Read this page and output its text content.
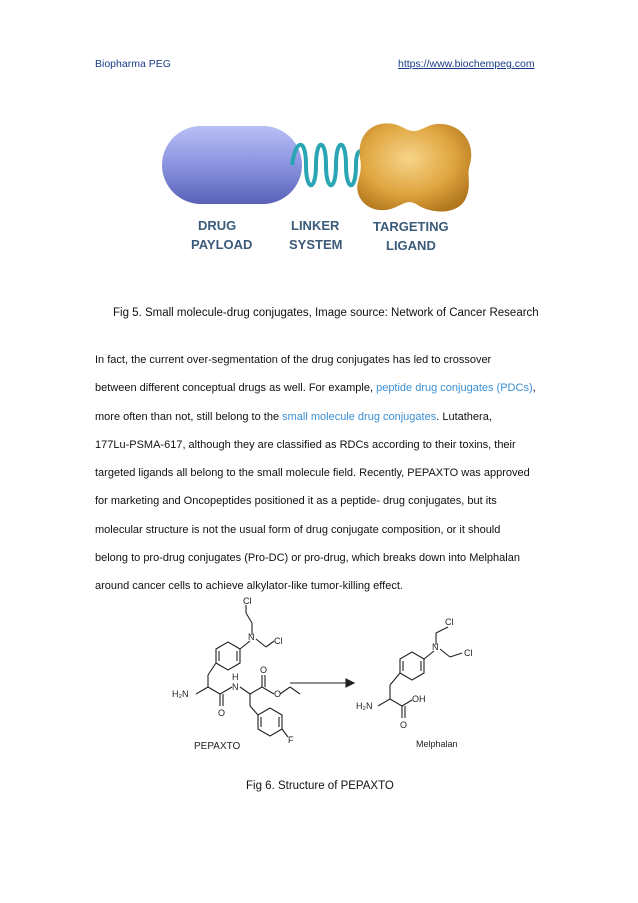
Biopharma PEG	https://www.biochempeg.com
DRUG
PAYLOAD
LINKER
SYSTEM
TARGETING
LIGAND
Fig 5. Small molecule-drug conjugates, Image source: Network of Cancer Research
In fact, the current over-segmentation of the drug conjugates has led to crossover
between different conceptual drugs as well. For example, peptide drug conjugates (PDCs),
more often than not, still belong to the small molecule drug conjugates. Lutathera,
177Lu-PSMA-617, although they are classified as RDCs according to their toxins, their
targeted ligands all belong to the small molecule field. Recently, PEPAXTO was approved
for marketing and Oncopeptides positioned it as a peptide- drug conjugates, but its
molecular structure is not the usual form of drug conjugate composition, or it should
belong to pro-drug conjugates (Pro-DC) or pro-drug, which breaks down into Melphalan
around cancer cells to achieve alkylator-like tumor-killing effect.
Cl
N Cl
N
H
H₂N
O
O
O
F
Cl
N
Cl
H₂N
OH
O
PEPAXTO	Melphalan
Fig 6. Structure of PEPAXTO
